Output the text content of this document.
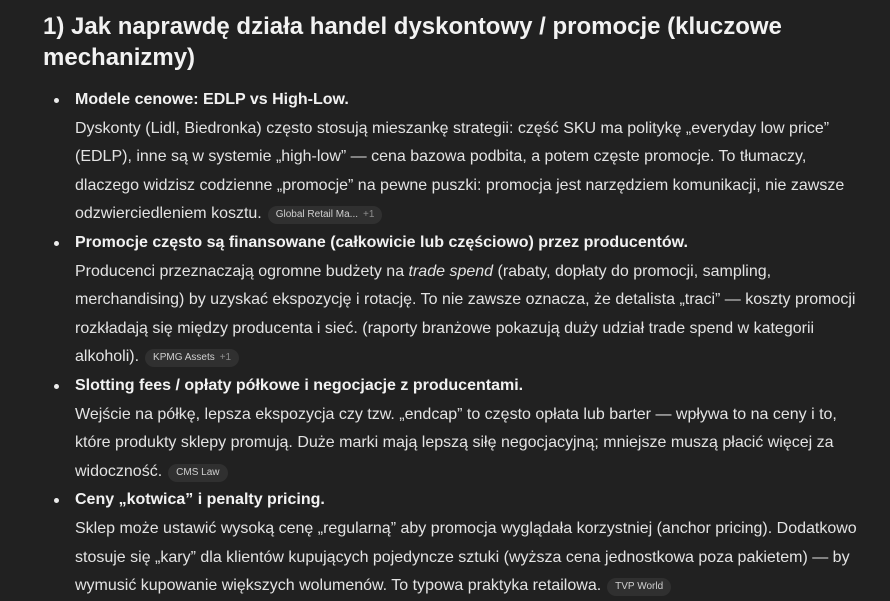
1) Jak naprawdę działa handel dyskontowy / promocje (kluczowe mechanizmy)
Modele cenowe: EDLP vs High-Low.
Dyskonty (Lidl, Biedronka) często stosują mieszankę strategii: część SKU ma politykę „everyday low price” (EDLP), inne są w systemie „high-low” — cena bazowa podbita, a potem częste promocje. To tłumaczy, dlaczego widzisz codzienne „promocje” na pewne puszki: promocja jest narzędziem komunikacji, nie zawsze odzwierciedleniem kosztu. Global Retail Ma... +1
Promocje często są finansowane (całkowicie lub częściowo) przez producentów.
Producenci przeznaczają ogromne budżety na trade spend (rabaty, dopłaty do promocji, sampling, merchandising) by uzyskać ekspozycję i rotację. To nie zawsze oznacza, że detalista „traci” — koszty promocji rozkładają się między producenta i sieć. (raporty branżowe pokazują duży udział trade spend w kategorii alkoholi). KPMG Assets +1
Slotting fees / opłaty półkowe i negocjacje z producentami.
Wejście na półkę, lepsza ekspozycja czy tzw. „endcap” to często opłata lub barter — wpływa to na ceny i to, które produkty sklepy promują. Duże marki mają lepszą siłę negocjacyjną; mniejsze muszą płacić więcej za widoczność. CMS Law
Ceny „kotwica” i penalty pricing.
Sklep może ustawić wysoką cenę „regularną” aby promocja wyglądała korzystniej (anchor pricing). Dodatkowo stosuje się „kary” dla klientów kupujących pojedyncze sztuki (wyższa cena jednostkowa poza pakietem) — by wymusić kupowanie większych wolumenów. To typowa praktyka retailowa. TVP World
